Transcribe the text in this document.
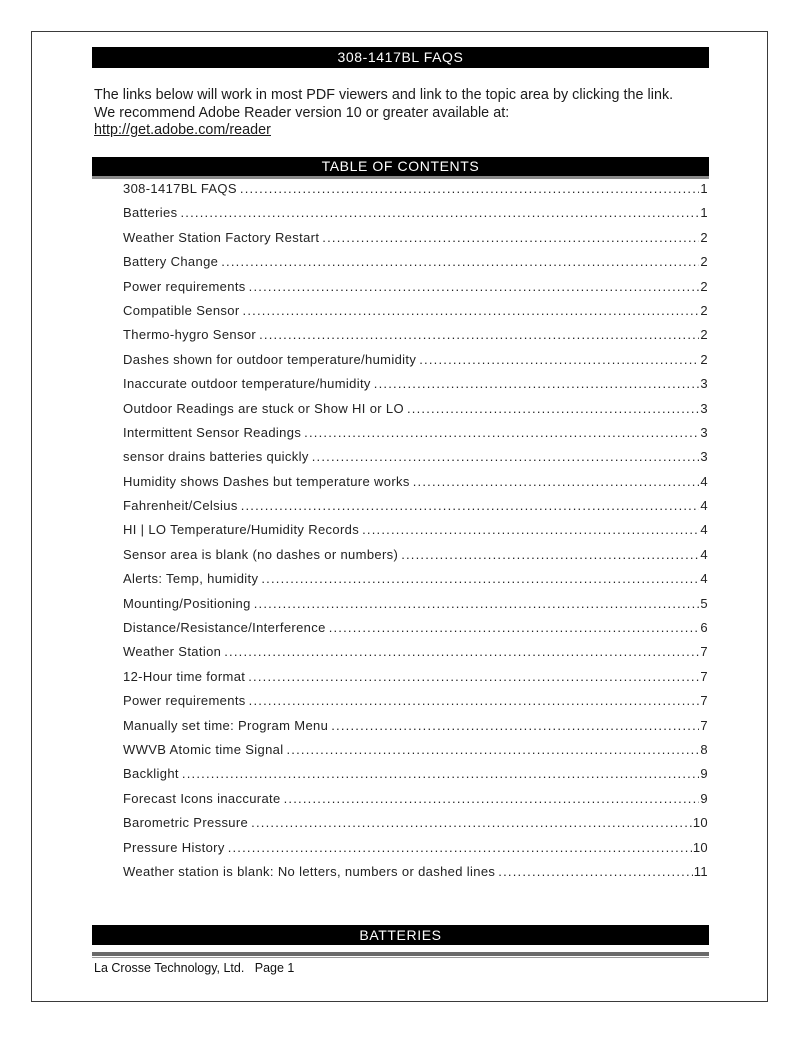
308-1417BL FAQS
The links below will work in most PDF viewers and link to the topic area by clicking the link. We recommend Adobe Reader version 10 or greater available at:
http://get.adobe.com/reader
TABLE OF CONTENTS
308-1417BL FAQS .....	1
Batteries .....	1
Weather Station Factory Restart .....	2
Battery Change .....	2
Power requirements .....	2
Compatible Sensor .....	2
Thermo-hygro Sensor .....	2
Dashes shown for outdoor temperature/humidity .....	2
Inaccurate outdoor temperature/humidity .....	3
Outdoor Readings are stuck or Show HI or LO .....	3
Intermittent Sensor Readings .....	3
sensor drains batteries quickly .....	3
Humidity shows Dashes but temperature works .....	4
Fahrenheit/Celsius .....	4
HI | LO Temperature/Humidity Records .....	4
Sensor area is blank (no dashes or numbers) .....	4
Alerts: Temp, humidity .....	4
Mounting/Positioning .....	5
Distance/Resistance/Interference .....	6
Weather Station .....	7
12-Hour time format .....	7
Power requirements .....	7
Manually set time: Program Menu .....	7
WWVB Atomic time Signal .....	8
Backlight .....	9
Forecast Icons inaccurate .....	9
Barometric Pressure .....	10
Pressure History .....	10
Weather station is blank: No letters, numbers or dashed lines .....	11
BATTERIES
La Crosse Technology, Ltd.   Page 1
